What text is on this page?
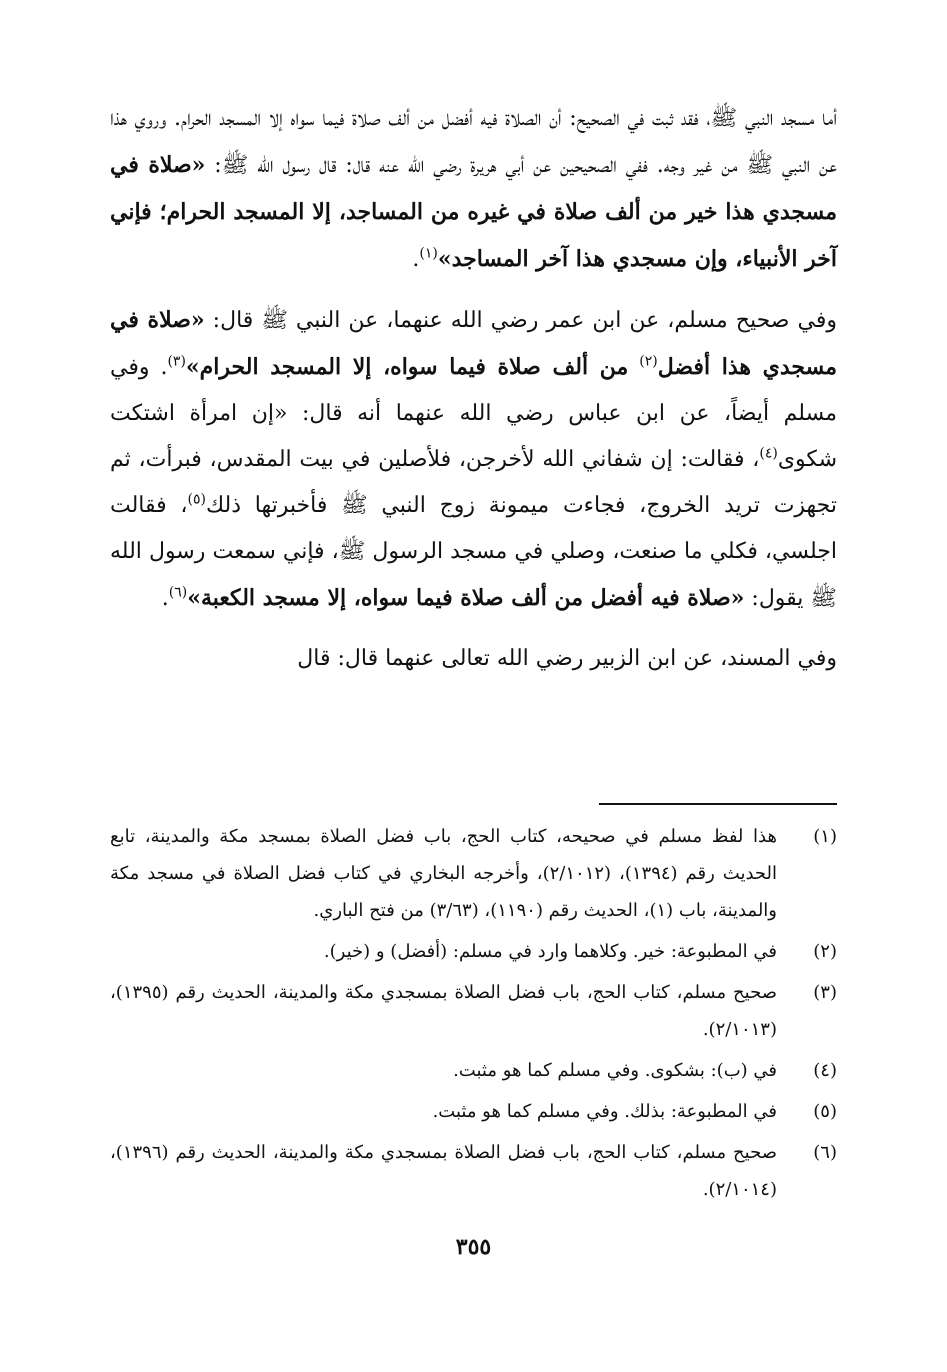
أما مسجد النبي ﷺ، فقد ثبت في الصحيح: أن الصلاة فيه أفضل من ألف صلاة فيما سواه إلا المسجد الحرام. وروي هذا عن النبي ﷺ من غير وجه. ففي الصحيحين عن أبي هريرة رضي الله عنه قال: قال رسول الله ﷺ: «صلاة في مسجدي هذا خير من ألف صلاة في غيره من المساجد، إلا المسجد الحرام؛ فإني آخر الأنبياء، وإن مسجدي هذا آخر المساجد»$^{(١)}$.

وفي صحيح مسلم، عن ابن عمر رضي الله عنهما، عن النبي ﷺ قال: «صلاة في مسجدي هذا أفضل$^{(٢)}$ من ألف صلاة فيما سواه، إلا المسجد الحرام»$^{(٣)}$. وفي مسلم أيضاً، عن ابن عباس رضي الله عنهما أنه قال: «إن امرأة اشتكت شكوى$^{(٤)}$، فقالت: إن شفاني الله لأخرجن، فلأصلين في بيت المقدس، فبرأت، ثم تجهزت تريد الخروج، فجاءت ميمونة زوج النبي ﷺ فأخبرتها ذلك$^{(٥)}$، فقالت اجلسي، فكلي ما صنعت، وصلي في مسجد الرسول ﷺ، فإني سمعت رسول الله ﷺ يقول: «صلاة فيه أفضل من ألف صلاة فيما سواه، إلا مسجد الكعبة»$^{(٦)}$.

وفي المسند، عن ابن الزبير رضي الله تعالى عنهما قال: قال

(١)
هذا لفظ مسلم في صحيحه، كتاب الحج، باب فضل الصلاة بمسجد مكة والمدينة، تابع الحديث رقم (١٣٩٤)، (٢/١٠١٢)، وأخرجه البخاري في كتاب فضل الصلاة في مسجد مكة والمدينة، باب (١)، الحديث رقم (١١٩٠)، (٣/٦٣) من فتح الباري.
(٢)
في المطبوعة: خير. وكلاهما وارد في مسلم: (أفضل) و (خير).
(٣)
صحيح مسلم، كتاب الحج، باب فضل الصلاة بمسجدي مكة والمدينة، الحديث رقم (١٣٩٥)، (٢/١٠١٣).
(٤)
في (ب): بشكوى. وفي مسلم كما هو مثبت.
(٥)
في المطبوعة: بذلك. وفي مسلم كما هو مثبت.
(٦)
صحيح مسلم، كتاب الحج، باب فضل الصلاة بمسجدي مكة والمدينة، الحديث رقم (١٣٩٦)، (٢/١٠١٤).
٣٥٥
